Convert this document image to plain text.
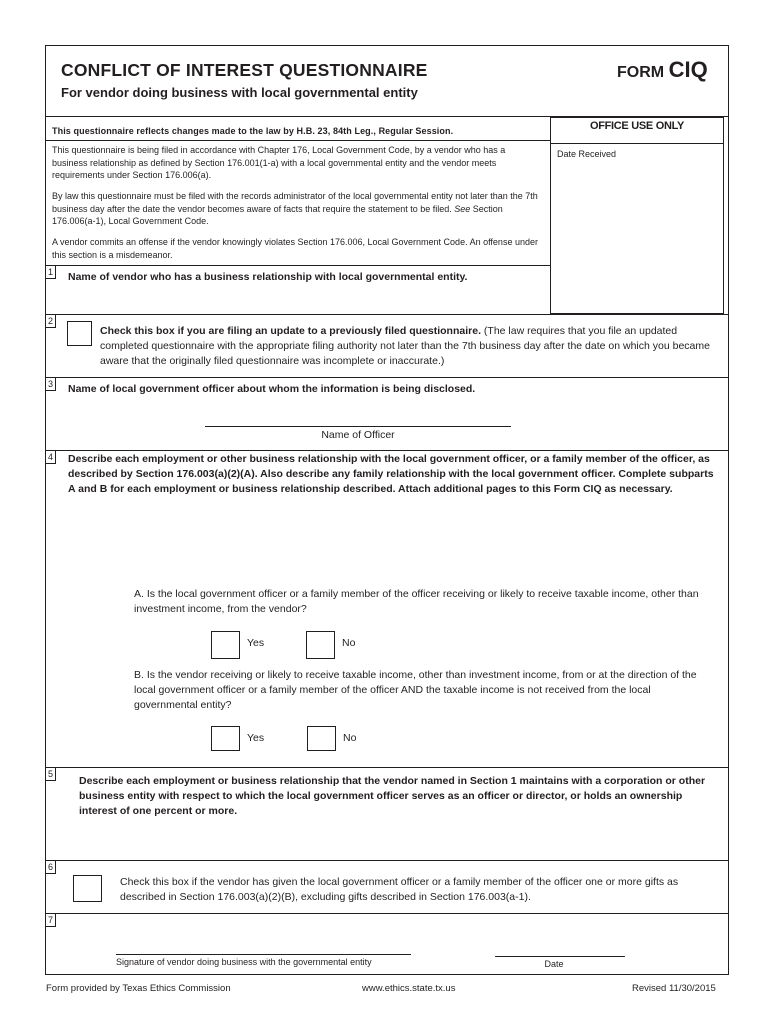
CONFLICT OF INTEREST QUESTIONNAIRE
For vendor doing business with local governmental entity
FORM CIQ
This questionnaire reflects changes made to the law by H.B. 23, 84th Leg., Regular Session.
This questionnaire is being filed in accordance with Chapter 176, Local Government Code, by a vendor who has a business relationship as defined by Section 176.001(1-a) with a local governmental entity and the vendor meets requirements under Section 176.006(a).
By law this questionnaire must be filed with the records administrator of the local governmental entity not later than the 7th business day after the date the vendor becomes aware of facts that require the statement to be filed. See Section 176.006(a-1), Local Government Code.
A vendor commits an offense if the vendor knowingly violates Section 176.006, Local Government Code. An offense under this section is a misdemeanor.
OFFICE USE ONLY
Date Received
1 Name of vendor who has a business relationship with local governmental entity.
2
Check this box if you are filing an update to a previously filed questionnaire. (The law requires that you file an updated completed questionnaire with the appropriate filing authority not later than the 7th business day after the date on which you became aware that the originally filed questionnaire was incomplete or inaccurate.)
3 Name of local government officer about whom the information is being disclosed.
Name of Officer
4 Describe each employment or other business relationship with the local government officer, or a family member of the officer, as described by Section 176.003(a)(2)(A). Also describe any family relationship with the local government officer. Complete subparts A and B for each employment or business relationship described. Attach additional pages to this Form CIQ as necessary.
A. Is the local government officer or a family member of the officer receiving or likely to receive taxable income, other than investment income, from the vendor?
Yes	No
B. Is the vendor receiving or likely to receive taxable income, other than investment income, from or at the direction of the local government officer or a family member of the officer AND the taxable income is not received from the local governmental entity?
Yes	No
5
Describe each employment or business relationship that the vendor named in Section 1 maintains with a corporation or other business entity with respect to which the local government officer serves as an officer or director, or holds an ownership interest of one percent or more.
6
Check this box if the vendor has given the local government officer or a family member of the officer one or more gifts as described in Section 176.003(a)(2)(B), excluding gifts described in Section 176.003(a-1).
7
Signature of vendor doing business with the governmental entity	Date
Form provided by Texas Ethics Commission	www.ethics.state.tx.us	Revised 11/30/2015
